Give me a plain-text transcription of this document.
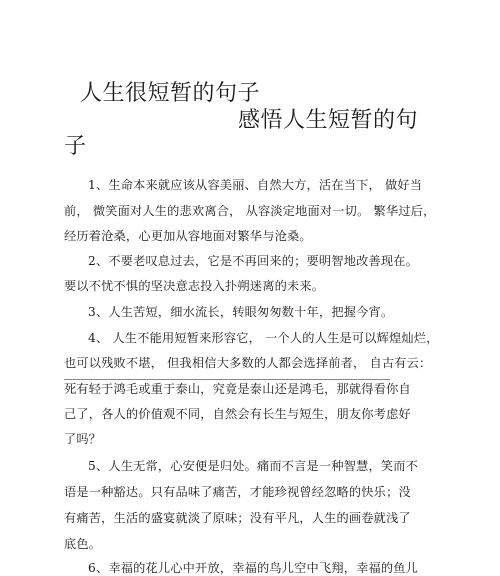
人生很短暂的句子
感悟人生短暂的句
子
1、生命本来就应该从容美丽、自然大方，活在当下， 做好当
前， 微笑面对人生的悲欢离合， 从容淡定地面对一切。 繁华过后，
经历着沧桑，心更加从容地面对繁华与沧桑。
2、不要老叹息过去，它是不再回来的；要明智地改善现在。
要以不忧不惧的坚决意志投入扑朔迷离的未来。
3、人生苦短，细水流长，转眼匆匆数十年，把握今宵。
4、 人生不能用短暂来形容它， 一个人的人生是可以辉煌灿烂，
也可以残败不堪， 但我相信大多数的人都会选择前者， 自古有云：
死有轻于鸿毛或重于泰山，究竟是泰山还是鸿毛，那就得看你自
己了，各人的价值观不同，自然会有长生与短生，朋友你考虑好
了吗？
5、人生无常，心安便是归处。痛而不言是一种智慧，笑而不
语是一种豁达。只有品味了痛苦，才能珍视曾经忽略的快乐；没
有痛苦，生活的盛宴就淡了原味；没有平凡，人生的画卷就浅了
底色。
6、幸福的花儿心中开放，幸福的鸟儿空中飞翔，幸福的鱼儿
